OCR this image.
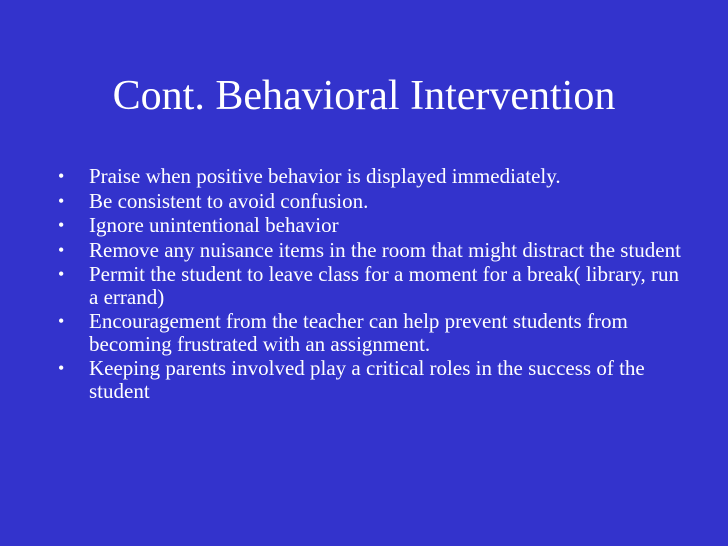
Cont. Behavioral Intervention
•	Praise when positive behavior is displayed immediately.
•	Be consistent to avoid confusion.
•	Ignore unintentional behavior
•	Remove any nuisance items in the room that might distract the student
•	Permit the student to leave class for a moment for a break( library, run a errand)
•	Encouragement from the teacher can help prevent students from becoming frustrated with an assignment.
•	Keeping parents involved play a critical roles in the success of the student
